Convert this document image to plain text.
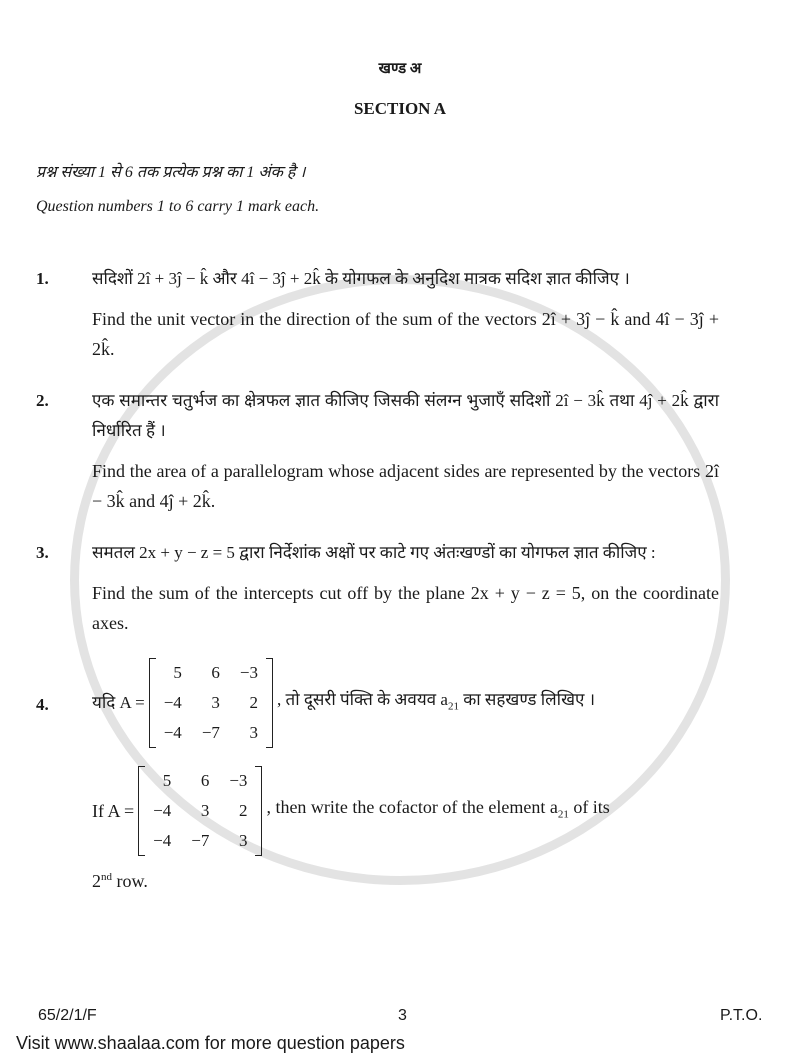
खण्ड अ
SECTION A
प्रश्न संख्या 1 से 6 तक प्रत्येक प्रश्न का 1 अंक है ।
Question numbers 1 to 6 carry 1 mark each.
1.	सदिशों 2î + 3ĵ − k̂ और 4î − 3ĵ + 2k̂ के योगफल के अनुदिश मात्रक सदिश ज्ञात कीजिए ।
Find the unit vector in the direction of the sum of the vectors 2î + 3ĵ − k̂ and 4î − 3ĵ + 2k̂.
2.	एक समान्तर चतुर्भज का क्षेत्रफल ज्ञात कीजिए जिसकी संलग्न भुजाएँ सदिशों 2î − 3k̂ तथा 4ĵ + 2k̂ द्वारा निर्धारित हैं ।
Find the area of a parallelogram whose adjacent sides are represented by the vectors 2î − 3k̂ and 4ĵ + 2k̂.
3.	समतल 2x + y − z = 5 द्वारा निर्देशांक अक्षों पर काटे गए अंतःखण्डों का योगफल ज्ञात कीजिए :
Find the sum of the intercepts cut off by the plane 2x + y − z = 5, on the coordinate axes.
4.	यदि A =
5	6	−3
−4	3	2
−4	−7	3
, तो दूसरी पंक्ति के अवयव $a_{21}$ का सहखण्ड लिखिए ।
If A =
5	6	−3
−4	3	2
−4	−7	3
, then write the cofactor of the element $a_{21}$ of its
2nd row.
65/2/1/F	3	P.T.O.
Visit www.shaalaa.com for more question papers
